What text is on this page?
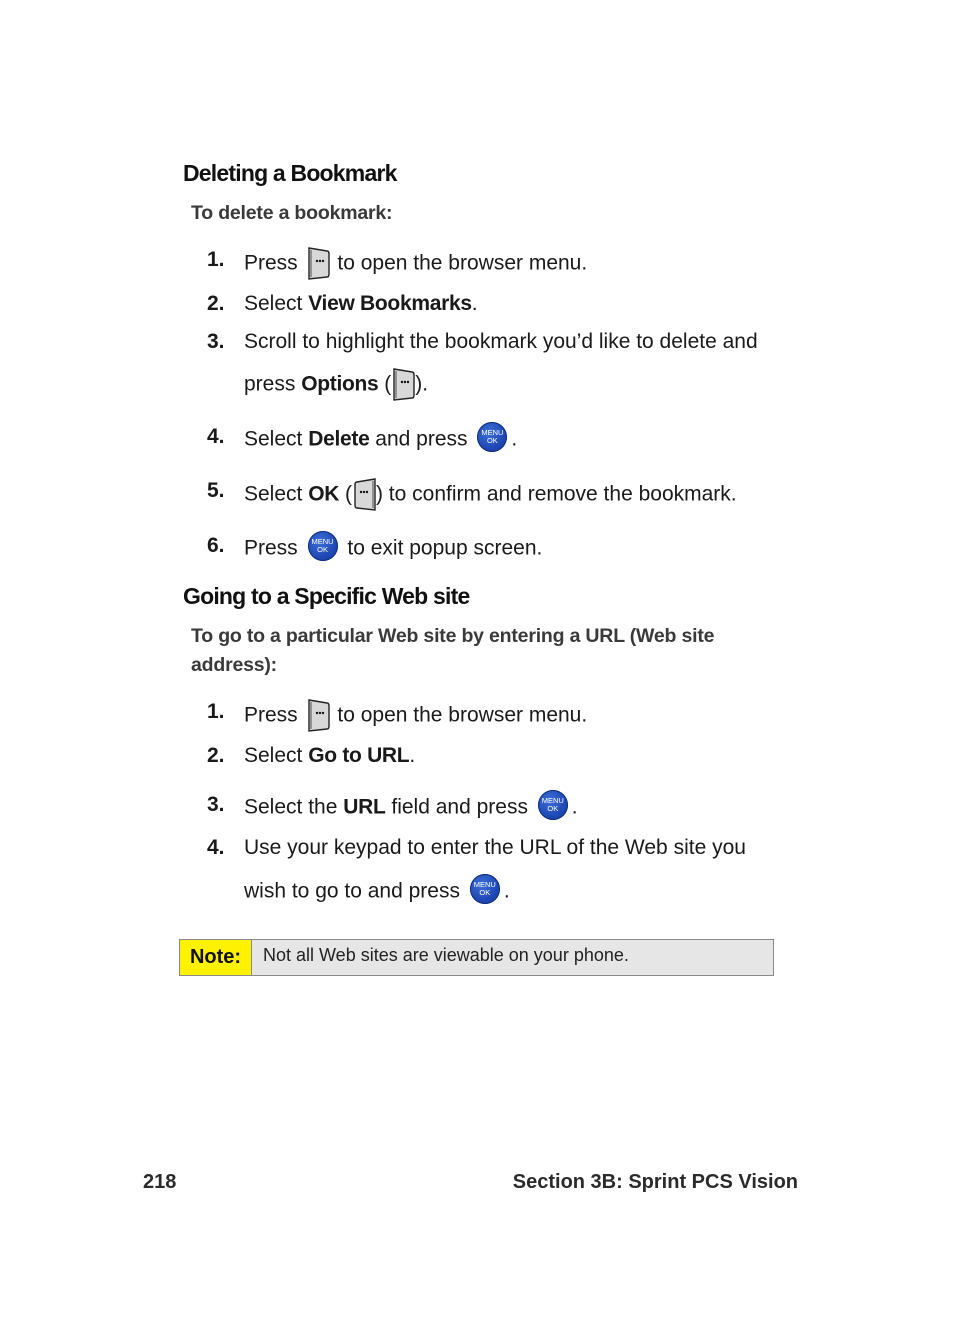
Deleting a Bookmark

To delete a bookmark:

1. Press to open the browser menu.
2. Select View Bookmarks.
3. Scroll to highlight the bookmark you’d like to delete and
press Options ( ).
4. Select Delete and press	MENU
OK .
5. Select OK ( ) to confirm and remove the bookmark.
6. Press	MENU
OK to exit popup screen.
Going to a Specific Web site

To go to a particular Web site by entering a URL (Web site
address):

1. Press to open the browser menu.
2. Select Go to URL.
3. Select the URL field and press	MENU
OK .
4. Use your keypad to enter the URL of the Web site you
wish to go to and press	MENU
OK .
Note:	Not all Web sites are viewable on your phone.
218	Section 3B: Sprint PCS Vision
